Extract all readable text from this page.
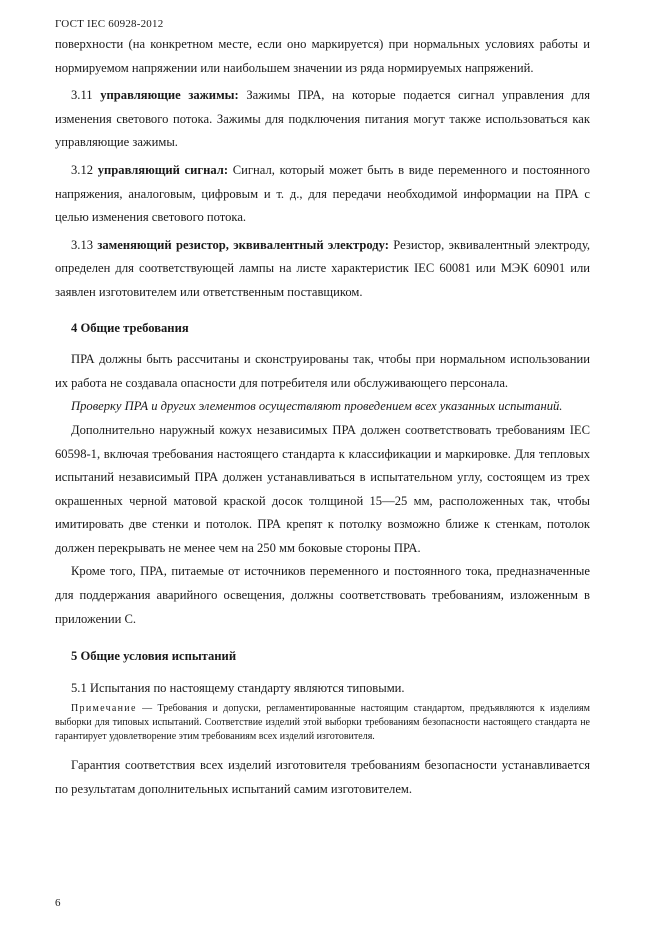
ГОСТ IEC 60928-2012

поверхности (на конкретном месте, если оно маркируется) при нормальных условиях работы и нормируемом напряжении или наибольшем значении из ряда нормируемых напряжений.

3.11 управляющие зажимы: Зажимы ПРА, на которые подается сигнал управления для изменения светового потока. Зажимы для подключения питания могут также использоваться как управляющие зажимы.

3.12 управляющий сигнал: Сигнал, который может быть в виде переменного и постоянного напряжения, аналоговым, цифровым и т. д., для передачи необходимой информации на ПРА с целью изменения светового потока.

3.13 заменяющий резистор, эквивалентный электроду: Резистор, эквивалентный электроду, определен для соответствующей лампы на листе характеристик IEC 60081 или МЭК 60901 или заявлен изготовителем или ответственным поставщиком.

4 Общие требования

ПРА должны быть рассчитаны и сконструированы так, чтобы при нормальном использовании их работа не создавала опасности для потребителя или обслуживающего персонала.

Проверку ПРА и других элементов осуществляют проведением всех указанных испытаний.

Дополнительно наружный кожух независимых ПРА должен соответствовать требованиям IEC 60598-1, включая требования настоящего стандарта к классификации и маркировке. Для тепловых испытаний независимый ПРА должен устанавливаться в испытательном углу, состоящем из трех окрашенных черной матовой краской досок толщиной 15—25 мм, расположенных так, чтобы имитировать две стенки и потолок. ПРА крепят к потолку возможно ближе к стенкам, потолок должен перекрывать не менее чем на 250 мм боковые стороны ПРА.

Кроме того, ПРА, питаемые от источников переменного и постоянного тока, предназначенные для поддержания аварийного освещения, должны соответствовать требованиям, изложенным в приложении С.

5 Общие условия испытаний

5.1 Испытания по настоящему стандарту являются типовыми.

Примечание — Требования и допуски, регламентированные настоящим стандартом, предъявляются к изделиям выборки для типовых испытаний. Соответствие изделий этой выборки требованиям безопасности настоящего стандарта не гарантирует удовлетворение этим требованиям всех изделий изготовителя.

Гарантия соответствия всех изделий изготовителя требованиям безопасности устанавливается по результатам дополнительных испытаний самим изготовителем.

6
